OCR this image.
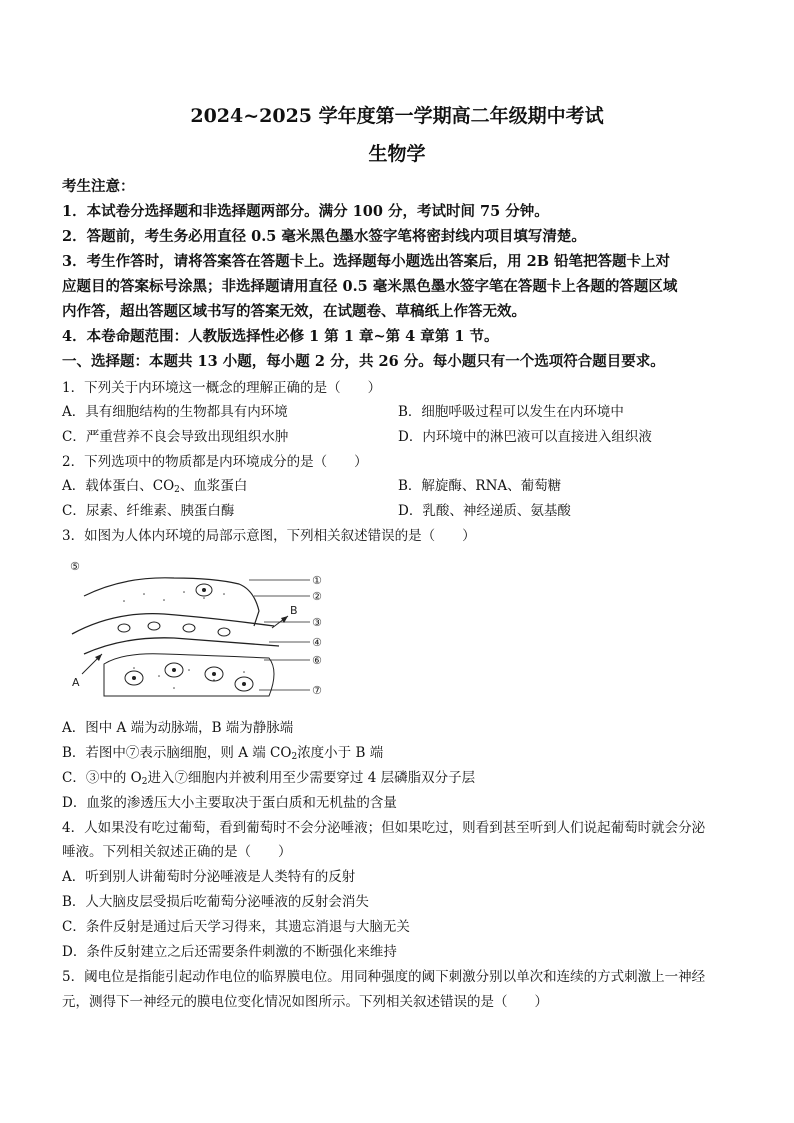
2024~2025 学年度第一学期高二年级期中考试
生物学
考生注意：
1．本试卷分选择题和非选择题两部分。满分 100 分，考试时间 75 分钟。
2．答题前，考生务必用直径 0.5 毫米黑色墨水签字笔将密封线内项目填写清楚。
3．考生作答时，请将答案答在答题卡上。选择题每小题选出答案后，用 2B 铅笔把答题卡上对
应题目的答案标号涂黑；非选择题请用直径 0.5 毫米黑色墨水签字笔在答题卡上各题的答题区域
内作答，超出答题区域书写的答案无效，在试题卷、草稿纸上作答无效。
4．本卷命题范围：人教版选择性必修 1 第 1 章~第 4 章第 1 节。
一、选择题：本题共 13 小题，每小题 2 分，共 26 分。每小题只有一个选项符合题目要求。
1．下列关于内环境这一概念的理解正确的是（　　）
A．具有细胞结构的生物都具有内环境	B．细胞呼吸过程可以发生在内环境中
C．严重营养不良会导致出现组织水肿	D．内环境中的淋巴液可以直接进入组织液
2．下列选项中的物质都是内环境成分的是（　　）
A．载体蛋白、$CO_2$、血浆蛋白	B．解旋酶、RNA、葡萄糖
C．尿素、纤维素、胰蛋白酶	D．乳酸、神经递质、氨基酸
3．如图为人体内环境的局部示意图，下列相关叙述错误的是（　　）
A
B
⑤
①
②
③
④
⑥
⑦
A．图中 A 端为动脉端，B 端为静脉端
B．若图中⑦表示脑细胞，则 A 端 $CO_2$浓度小于 B 端
C．③中的 $O_2$进入⑦细胞内并被利用至少需要穿过 4 层磷脂双分子层
D．血浆的渗透压大小主要取决于蛋白质和无机盐的含量
4．人如果没有吃过葡萄，看到葡萄时不会分泌唾液；但如果吃过，则看到甚至听到人们说起葡萄时就会分泌
唾液。下列相关叙述正确的是（　　）
A．听到别人讲葡萄时分泌唾液是人类特有的反射
B．人大脑皮层受损后吃葡萄分泌唾液的反射会消失
C．条件反射是通过后天学习得来，其遗忘消退与大脑无关
D．条件反射建立之后还需要条件刺激的不断强化来维持
5．阈电位是指能引起动作电位的临界膜电位。用同种强度的阈下刺激分别以单次和连续的方式刺激上一神经
元，测得下一神经元的膜电位变化情况如图所示。下列相关叙述错误的是（　　）
